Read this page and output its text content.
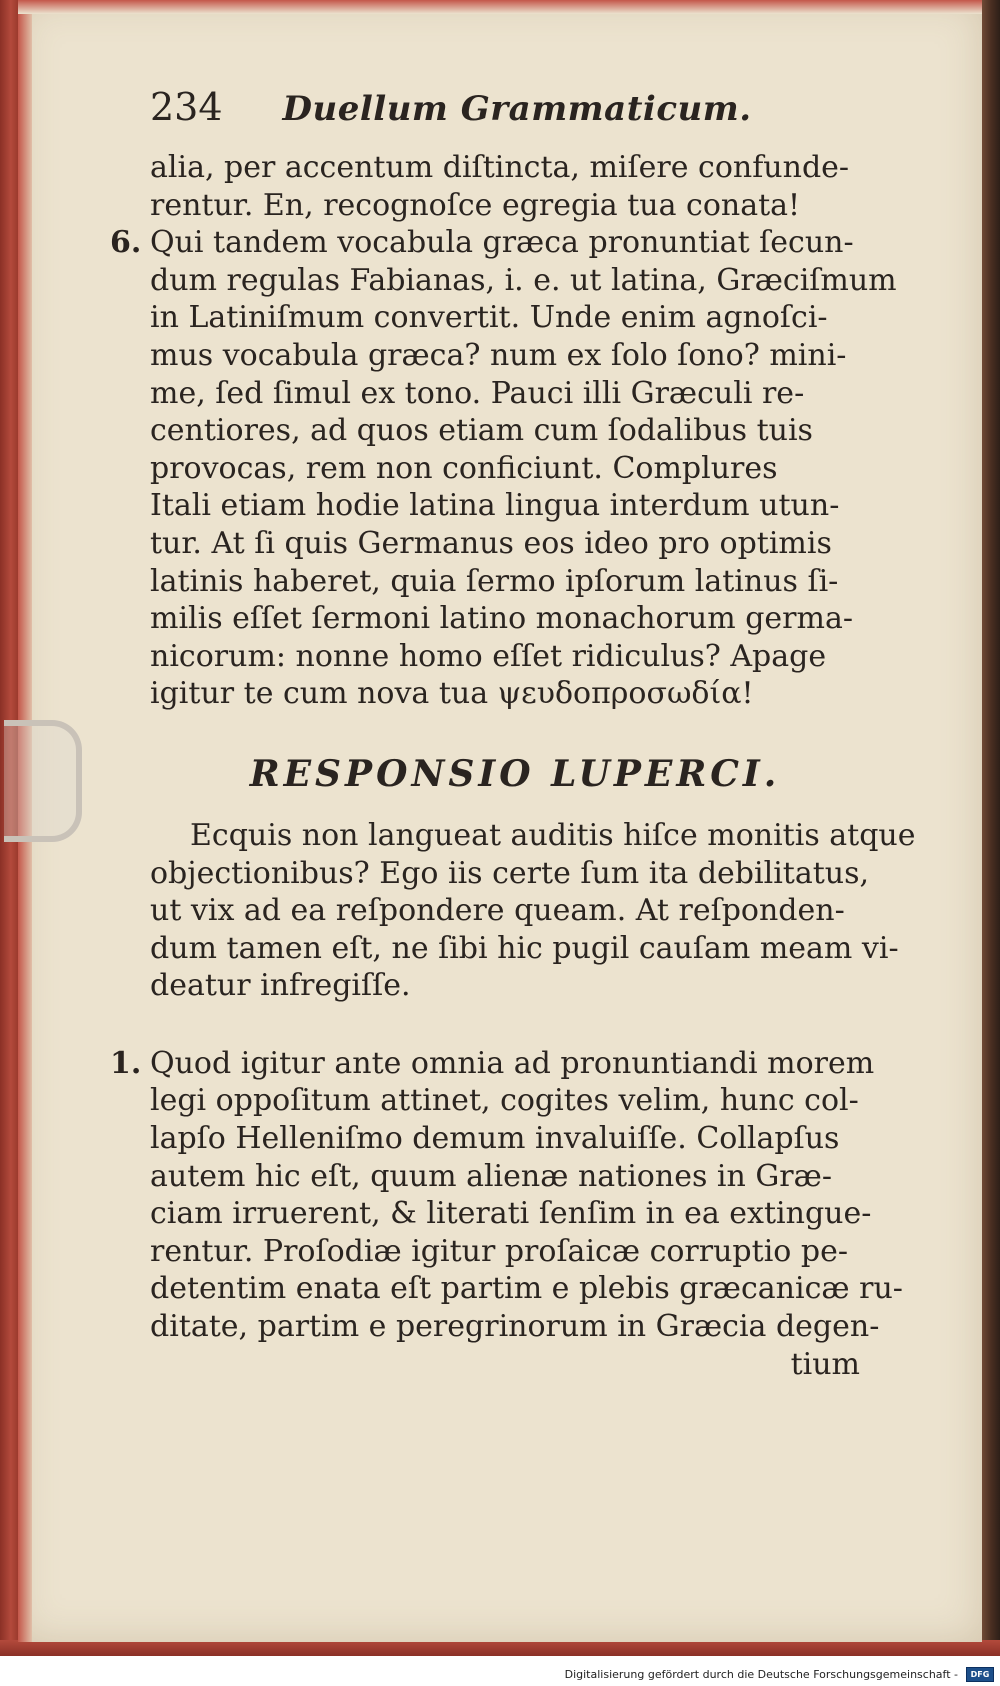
234 Duellum Grammaticum.
alia, per accentum diſtincta, miſere confunde-
rentur. En, recognoſce egregia tua conata!
6. Qui tandem vocabula græca pronuntiat ſecun-
dum regulas Fabianas, i. e. ut latina, Græciſmum
in Latiniſmum convertit. Unde enim agnoſci-
mus vocabula græca? num ex ſolo ſono? mini-
me, ſed ſimul ex tono. Pauci illi Græculi re-
centiores, ad quos etiam cum ſodalibus tuis
provocas, rem non conficiunt. Complures
Itali etiam hodie latina lingua interdum utun-
tur. At ſi quis Germanus eos ideo pro optimis
latinis haberet, quia ſermo ipſorum latinus ſi-
milis eſſet ſermoni latino monachorum germa-
nicorum: nonne homo eſſet ridiculus? Apage
igitur te cum nova tua ψευδοπροσωδία!
RESPONSIO LUPERCI.
Ecquis non langueat auditis hiſce monitis atque
objectionibus? Ego iis certe ſum ita debilitatus,
ut vix ad ea reſpondere queam. At reſponden-
dum tamen eſt, ne ſibi hic pugil cauſam meam vi-
deatur infregiſſe.
1. Quod igitur ante omnia ad pronuntiandi morem
legi oppoſitum attinet, cogites velim, hunc col-
lapſo Helleniſmo demum invaluiſſe. Collapſus
autem hic eſt, quum alienæ nationes in Græ-
ciam irruerent, & literati ſenſim in ea extingue-
rentur. Proſodiæ igitur proſaicæ corruptio pe-
detentim enata eſt partim e plebis græcanicæ ru-
ditate, partim e peregrinorum in Græcia degen-
tium
Digitalisierung gefördert durch die Deutsche Forschungsgemeinschaft -	DFG
